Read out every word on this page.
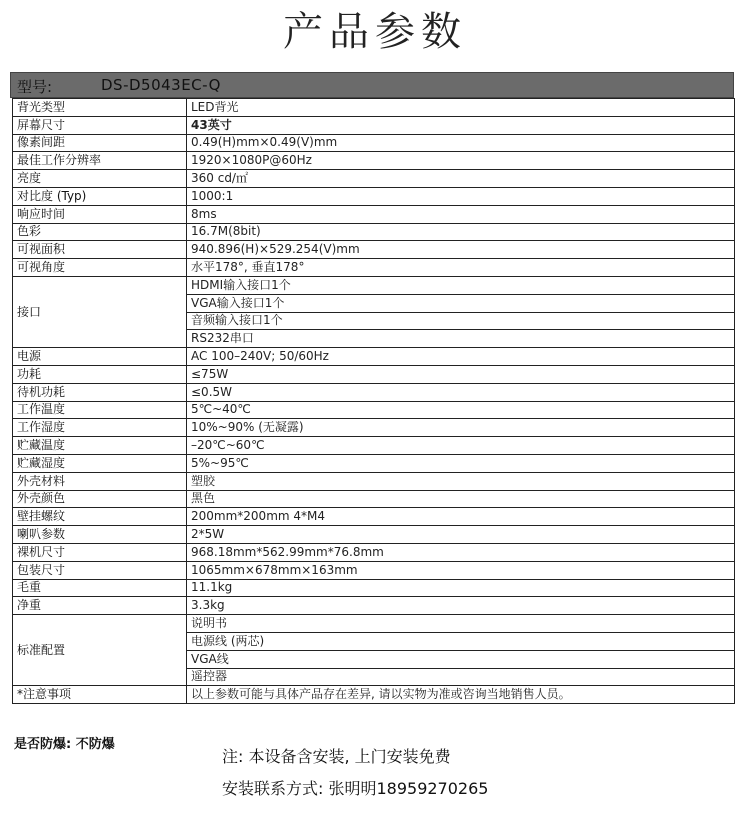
产品参数
型号:	DS-D5043EC-Q
背光类型	LED背光
屏幕尺寸	43英寸
像素间距	0.49(H)mm×0.49(V)mm
最佳工作分辨率	1920×1080P@60Hz
亮度	360 cd/㎡
对比度 (Typ)	1000:1
响应时间	8ms
色彩	16.7M(8bit)
可视面积	940.896(H)×529.254(V)mm
可视角度	水平178°, 垂直178°
接口	HDMI输入接口1个
	VGA输入接口1个
	音频输入接口1个
	RS232串口
电源	AC 100–240V; 50/60Hz
功耗	≤75W
待机功耗	≤0.5W
工作温度	5℃~40℃
工作湿度	10%~90% (无凝露)
贮藏温度	–20℃~60℃
贮藏湿度	5%~95℃
外壳材料	塑胶
外壳颜色	黑色
壁挂螺纹	200mm*200mm 4*M4
喇叭参数	2*5W
裸机尺寸	968.18mm*562.99mm*76.8mm
包装尺寸	1065mm×678mm×163mm
毛重	11.1kg
净重	3.3kg
标准配置	说明书
	电源线 (两芯)
	VGA线
	遥控器
*注意事项	以上参数可能与具体产品存在差异, 请以实物为准或咨询当地销售人员。
是否防爆: 不防爆
注: 本设备含安装, 上门安装免费
安装联系方式: 张明明18959270265
